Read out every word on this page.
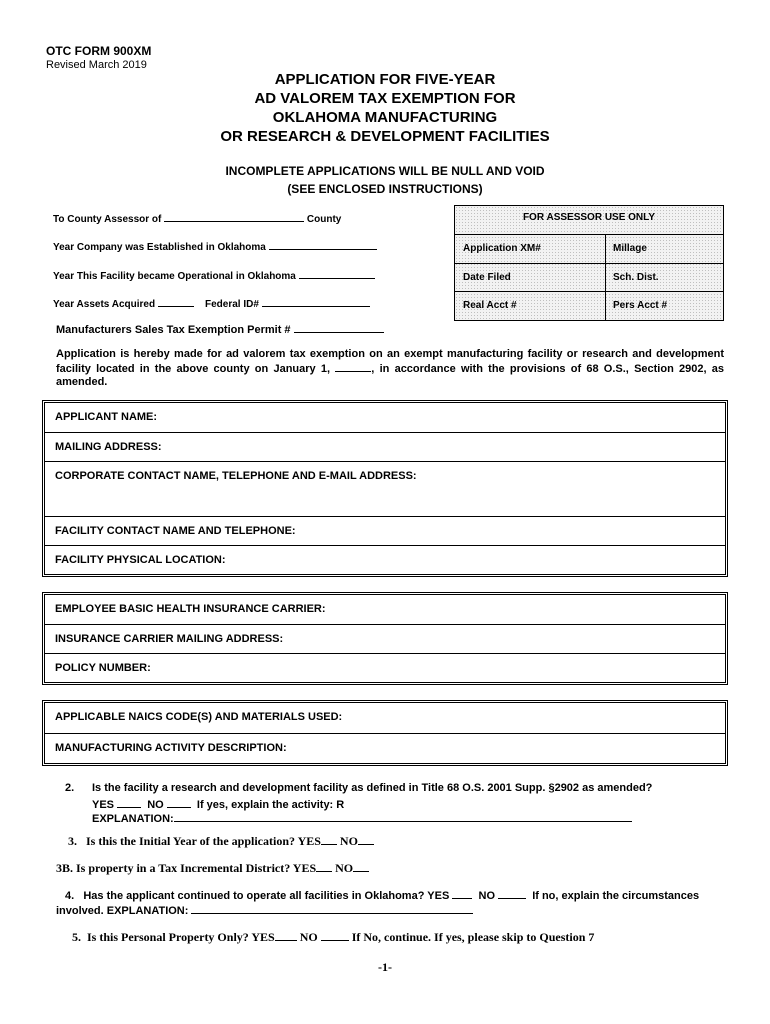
OTC FORM 900XM
Revised March 2019
APPLICATION FOR FIVE-YEAR
AD VALOREM TAX EXEMPTION FOR
OKLAHOMA MANUFACTURING
OR RESEARCH & DEVELOPMENT FACILITIES
INCOMPLETE APPLICATIONS WILL BE NULL AND VOID
(SEE ENCLOSED INSTRUCTIONS)
To County Assessor of	County
Year Company was Established in Oklahoma
Year This Facility became Operational in Oklahoma
Year Assets Acquired	Federal ID#
Manufacturers Sales Tax Exemption Permit #
FOR ASSESSOR USE ONLY
Application XM#	Millage
Date Filed	Sch. Dist.
Real Acct #	Pers Acct #
Application is hereby made for ad valorem tax exemption on an exempt manufacturing facility or research and development facility located in the above county on January 1,	, in accordance with the provisions of 68 O.S., Section 2902, as amended.
APPLICANT NAME:
MAILING ADDRESS:
CORPORATE CONTACT NAME, TELEPHONE AND E-MAIL ADDRESS:
FACILITY CONTACT NAME AND TELEPHONE:
FACILITY PHYSICAL LOCATION:
EMPLOYEE BASIC HEALTH INSURANCE CARRIER:
INSURANCE CARRIER MAILING ADDRESS:
POLICY NUMBER:
APPLICABLE NAICS CODE(S) AND MATERIALS USED:
MANUFACTURING ACTIVITY DESCRIPTION:
2. Is the facility a research and development facility as defined in Title 68 O.S. 2001 Supp. §2902 as amended?
YES	NO	If yes, explain the activity: R
EXPLANATION:
3. Is this the Initial Year of the application? YES NO
3B. Is property in a Tax Incremental District? YES NO
4. Has the applicant continued to operate all facilities in Oklahoma? YES	NO	If no, explain the circumstances
involved. EXPLANATION:
5. Is this Personal Property Only? YES NO	If No, continue. If yes, please skip to Question 7
-1-
